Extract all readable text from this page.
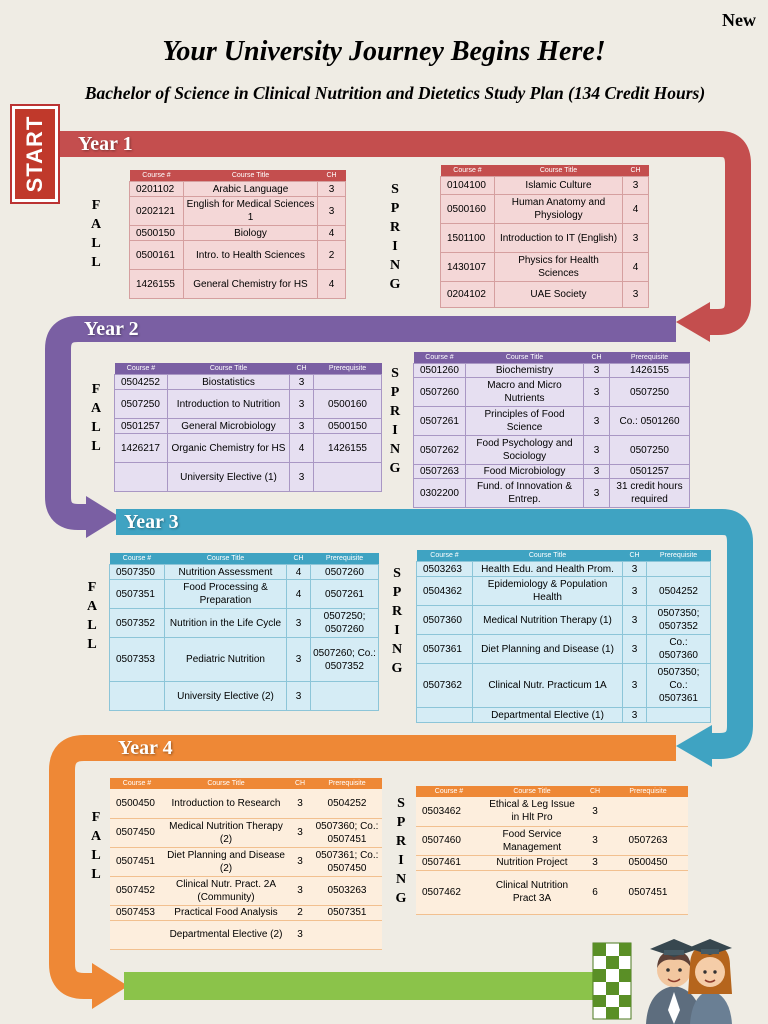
New
Your University Journey Begins Here!
Bachelor of Science in Clinical Nutrition and Dietetics Study Plan (134 Credit Hours)
START	Year 1
Year 2
Year 3
Year 4
F
A
L
L
S
P
R
I
N
G
F
A
L
L
S
P
R
I
N
G
F
A
L
L
S
P
R
I
N
G
F
A
L
L
S
P
R
I
N
G
Course #	Course Title	CH
0201102	Arabic Language	3
0202121	English for Medical Sciences 1	3
0500150	Biology	4
0500161	Intro. to Health Sciences	2
1426155	General Chemistry for HS	4
Course #	Course Title	CH
0104100	Islamic Culture	3
0500160	Human Anatomy and Physiology	4
1501100	Introduction to IT (English)	3
1430107	Physics for Health Sciences	4
0204102	UAE Society	3
Course #	Course Title	CH	Prerequisite
0504252	Biostatistics	3	
0507250	Introduction to Nutrition	3	0500160
0501257	General Microbiology	3	0500150
1426217	Organic Chemistry for HS	4	1426155
	University Elective (1)	3	
Course #	Course Title	CH	Prerequisite
0501260	Biochemistry	3	1426155
0507260	Macro and Micro Nutrients	3	0507250
0507261	Principles of Food Science	3	Co.: 0501260
0507262	Food Psychology and Sociology	3	0507250
0507263	Food Microbiology	3	0501257
0302200	Fund. of Innovation & Entrep.	3	31 credit hours required
Course #	Course Title	CH	Prerequisite
0507350	Nutrition Assessment	4	0507260
0507351	Food Processing & Preparation	4	0507261
0507352	Nutrition in the Life Cycle	3	0507250; 0507260
0507353	Pediatric Nutrition	3	0507260; Co.: 0507352
	University Elective (2)	3	
Course #	Course Title	CH	Prerequisite
0503263	Health Edu. and Health Prom.	3	
0504362	Epidemiology & Population Health	3	0504252
0507360	Medical Nutrition Therapy (1)	3	0507350; 0507352
0507361	Diet Planning and Disease (1)	3	Co.: 0507360
0507362	Clinical Nutr. Practicum 1A	3	0507350; Co.: 0507361
	Departmental Elective (1)	3	
Course #	Course Title	CH	Prerequisite
0500450	Introduction to Research	3	0504252
0507450	Medical Nutrition Therapy (2)	3	0507360; Co.: 0507451
0507451	Diet Planning and Disease (2)	3	0507361; Co.: 0507450
0507452	Clinical Nutr. Pract. 2A (Community)	3	0503263
0507453	Practical Food Analysis	2	0507351
	Departmental Elective (2)	3	
Course #	Course Title	CH	Prerequisite
0503462	Ethical & Leg Issue in Hlt Pro	3	
0507460	Food Service Management	3	0507263
0507461	Nutrition Project	3	0500450
0507462	Clinical Nutrition Pract 3A	6	0507451
